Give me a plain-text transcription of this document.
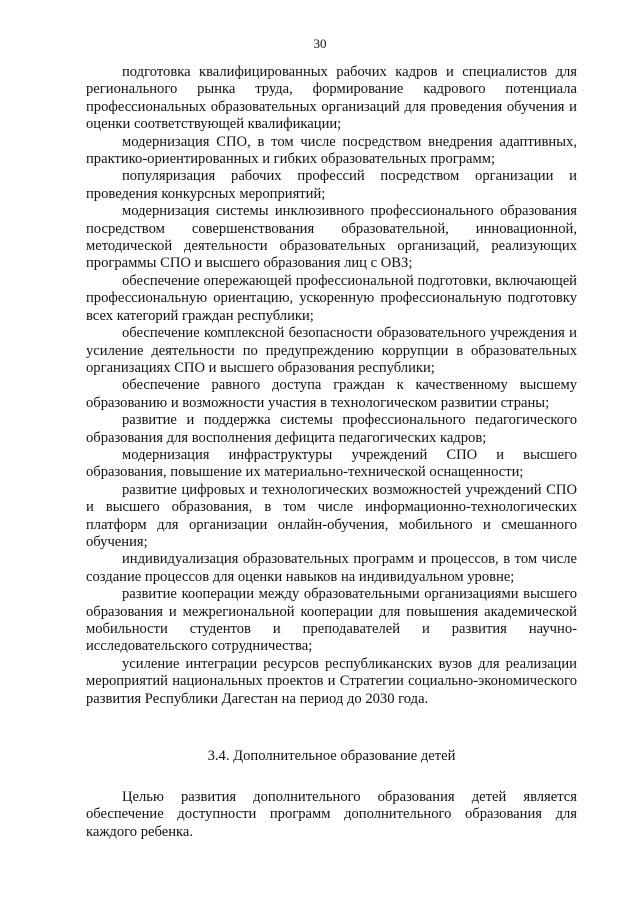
30

подготовка квалифицированных рабочих кадров и специалистов для регионального рынка труда, формирование кадрового потенциала профессиональных образовательных организаций для проведения обучения и оценки соответствующей квалификации;

модернизация СПО, в том числе посредством внедрения адаптивных, практико-ориентированных и гибких образовательных программ;

популяризация рабочих профессий посредством организации и проведения конкурсных мероприятий;

модернизация системы инклюзивного профессионального образования посредством совершенствования образовательной, инновационной, методической деятельности образовательных организаций, реализующих программы СПО и высшего образования лиц с ОВЗ;

обеспечение опережающей профессиональной подготовки, включающей профессиональную ориентацию, ускоренную профессиональную подготовку всех категорий граждан республики;

обеспечение комплексной безопасности образовательного учреждения и усиление деятельности по предупреждению коррупции в образовательных организациях СПО и высшего образования республики;

обеспечение равного доступа граждан к качественному высшему образованию и возможности участия в технологическом развитии страны;

развитие и поддержка системы профессионального педагогического образования для восполнения дефицита педагогических кадров;

модернизация инфраструктуры учреждений СПО и высшего образования, повышение их материально-технической оснащенности;

развитие цифровых и технологических возможностей учреждений СПО и высшего образования, в том числе информационно-технологических платформ для организации онлайн-обучения, мобильного и смешанного обучения;

индивидуализация образовательных программ и процессов, в том числе создание процессов для оценки навыков на индивидуальном уровне;

развитие кооперации между образовательными организациями высшего образования и межрегиональной кооперации для повышения академической мобильности студентов и преподавателей и развития научно-исследовательского сотрудничества;

усиление интеграции ресурсов республиканских вузов для реализации мероприятий национальных проектов и Стратегии социально-экономического развития Республики Дагестан на период до 2030 года.

3.4. Дополнительное образование детей

Целью развития дополнительного образования детей является обеспечение доступности программ дополнительного образования для каждого ребенка.
